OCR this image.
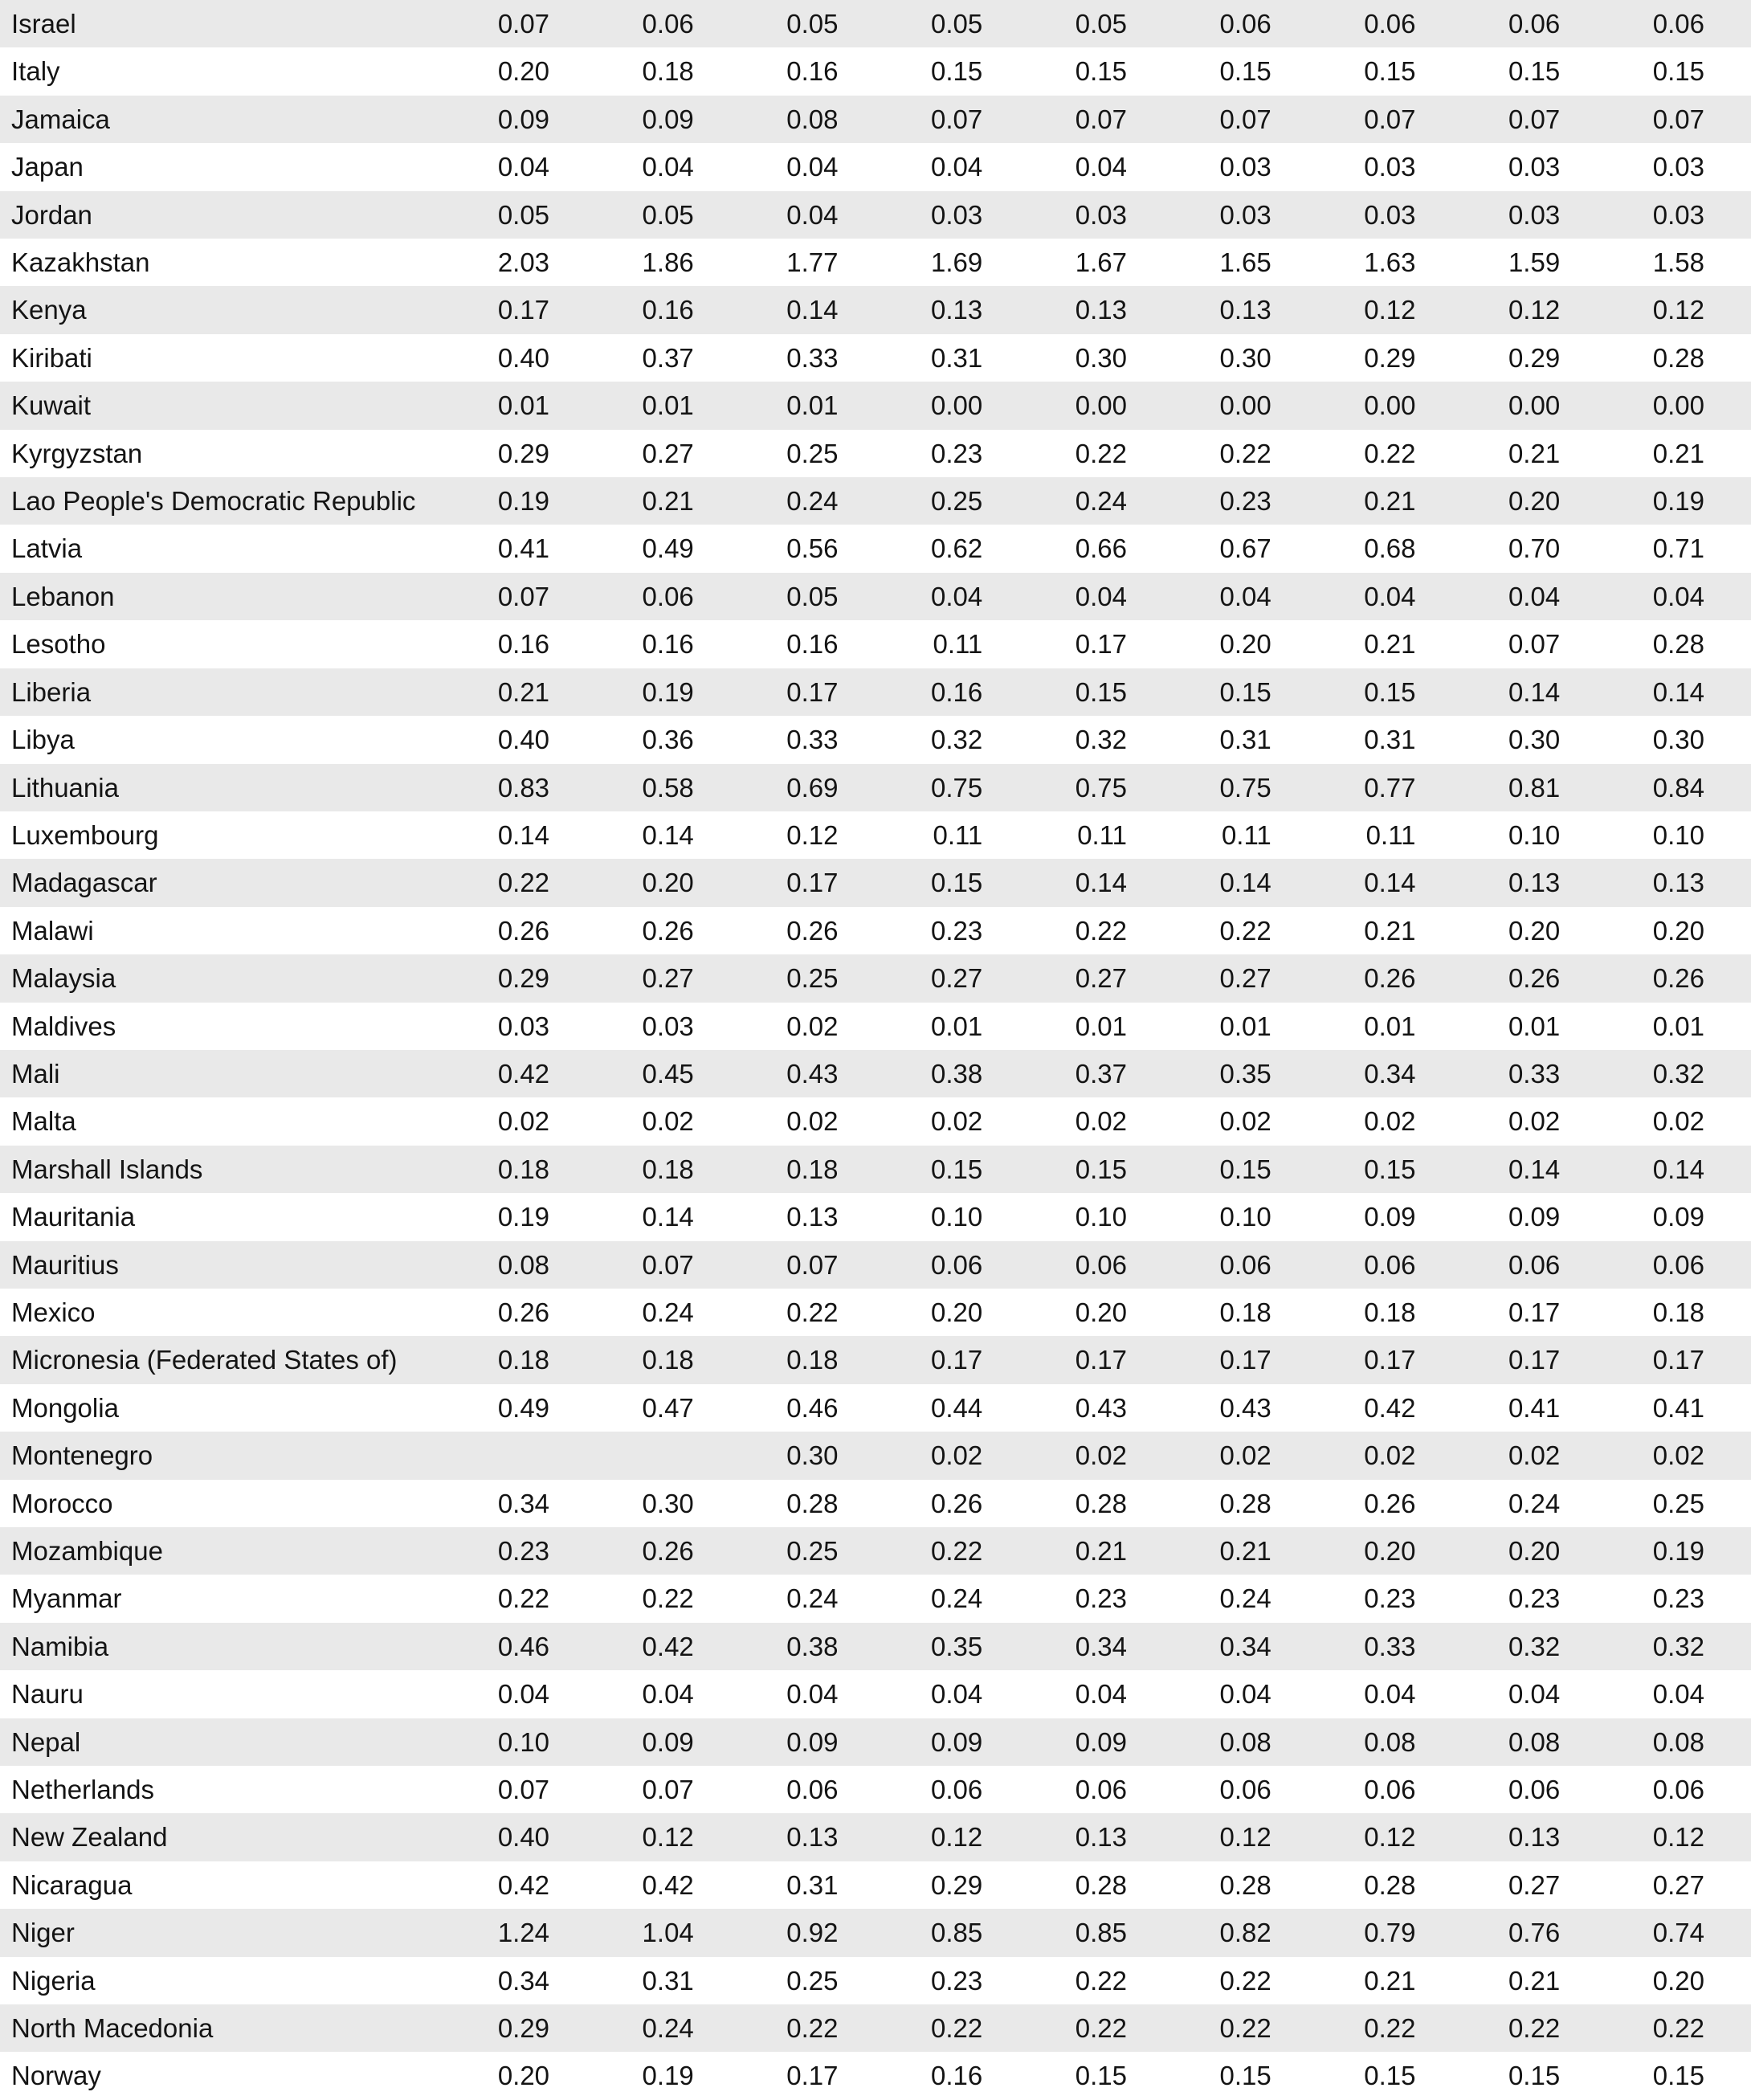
Israel	0.07	0.06	0.05	0.05	0.05	0.06	0.06	0.06	0.06
Italy	0.20	0.18	0.16	0.15	0.15	0.15	0.15	0.15	0.15
Jamaica	0.09	0.09	0.08	0.07	0.07	0.07	0.07	0.07	0.07
Japan	0.04	0.04	0.04	0.04	0.04	0.03	0.03	0.03	0.03
Jordan	0.05	0.05	0.04	0.03	0.03	0.03	0.03	0.03	0.03
Kazakhstan	2.03	1.86	1.77	1.69	1.67	1.65	1.63	1.59	1.58
Kenya	0.17	0.16	0.14	0.13	0.13	0.13	0.12	0.12	0.12
Kiribati	0.40	0.37	0.33	0.31	0.30	0.30	0.29	0.29	0.28
Kuwait	0.01	0.01	0.01	0.00	0.00	0.00	0.00	0.00	0.00
Kyrgyzstan	0.29	0.27	0.25	0.23	0.22	0.22	0.22	0.21	0.21
Lao People's Democratic Republic	0.19	0.21	0.24	0.25	0.24	0.23	0.21	0.20	0.19
Latvia	0.41	0.49	0.56	0.62	0.66	0.67	0.68	0.70	0.71
Lebanon	0.07	0.06	0.05	0.04	0.04	0.04	0.04	0.04	0.04
Lesotho	0.16	0.16	0.16	0.11	0.17	0.20	0.21	0.07	0.28
Liberia	0.21	0.19	0.17	0.16	0.15	0.15	0.15	0.14	0.14
Libya	0.40	0.36	0.33	0.32	0.32	0.31	0.31	0.30	0.30
Lithuania	0.83	0.58	0.69	0.75	0.75	0.75	0.77	0.81	0.84
Luxembourg	0.14	0.14	0.12	0.11	0.11	0.11	0.11	0.10	0.10
Madagascar	0.22	0.20	0.17	0.15	0.14	0.14	0.14	0.13	0.13
Malawi	0.26	0.26	0.26	0.23	0.22	0.22	0.21	0.20	0.20
Malaysia	0.29	0.27	0.25	0.27	0.27	0.27	0.26	0.26	0.26
Maldives	0.03	0.03	0.02	0.01	0.01	0.01	0.01	0.01	0.01
Mali	0.42	0.45	0.43	0.38	0.37	0.35	0.34	0.33	0.32
Malta	0.02	0.02	0.02	0.02	0.02	0.02	0.02	0.02	0.02
Marshall Islands	0.18	0.18	0.18	0.15	0.15	0.15	0.15	0.14	0.14
Mauritania	0.19	0.14	0.13	0.10	0.10	0.10	0.09	0.09	0.09
Mauritius	0.08	0.07	0.07	0.06	0.06	0.06	0.06	0.06	0.06
Mexico	0.26	0.24	0.22	0.20	0.20	0.18	0.18	0.17	0.18
Micronesia (Federated States of)	0.18	0.18	0.18	0.17	0.17	0.17	0.17	0.17	0.17
Mongolia	0.49	0.47	0.46	0.44	0.43	0.43	0.42	0.41	0.41
Montenegro			0.30	0.02	0.02	0.02	0.02	0.02	0.02
Morocco	0.34	0.30	0.28	0.26	0.28	0.28	0.26	0.24	0.25
Mozambique	0.23	0.26	0.25	0.22	0.21	0.21	0.20	0.20	0.19
Myanmar	0.22	0.22	0.24	0.24	0.23	0.24	0.23	0.23	0.23
Namibia	0.46	0.42	0.38	0.35	0.34	0.34	0.33	0.32	0.32
Nauru	0.04	0.04	0.04	0.04	0.04	0.04	0.04	0.04	0.04
Nepal	0.10	0.09	0.09	0.09	0.09	0.08	0.08	0.08	0.08
Netherlands	0.07	0.07	0.06	0.06	0.06	0.06	0.06	0.06	0.06
New Zealand	0.40	0.12	0.13	0.12	0.13	0.12	0.12	0.13	0.12
Nicaragua	0.42	0.42	0.31	0.29	0.28	0.28	0.28	0.27	0.27
Niger	1.24	1.04	0.92	0.85	0.85	0.82	0.79	0.76	0.74
Nigeria	0.34	0.31	0.25	0.23	0.22	0.22	0.21	0.21	0.20
North Macedonia	0.29	0.24	0.22	0.22	0.22	0.22	0.22	0.22	0.22
Norway	0.20	0.19	0.17	0.16	0.15	0.15	0.15	0.15	0.15
